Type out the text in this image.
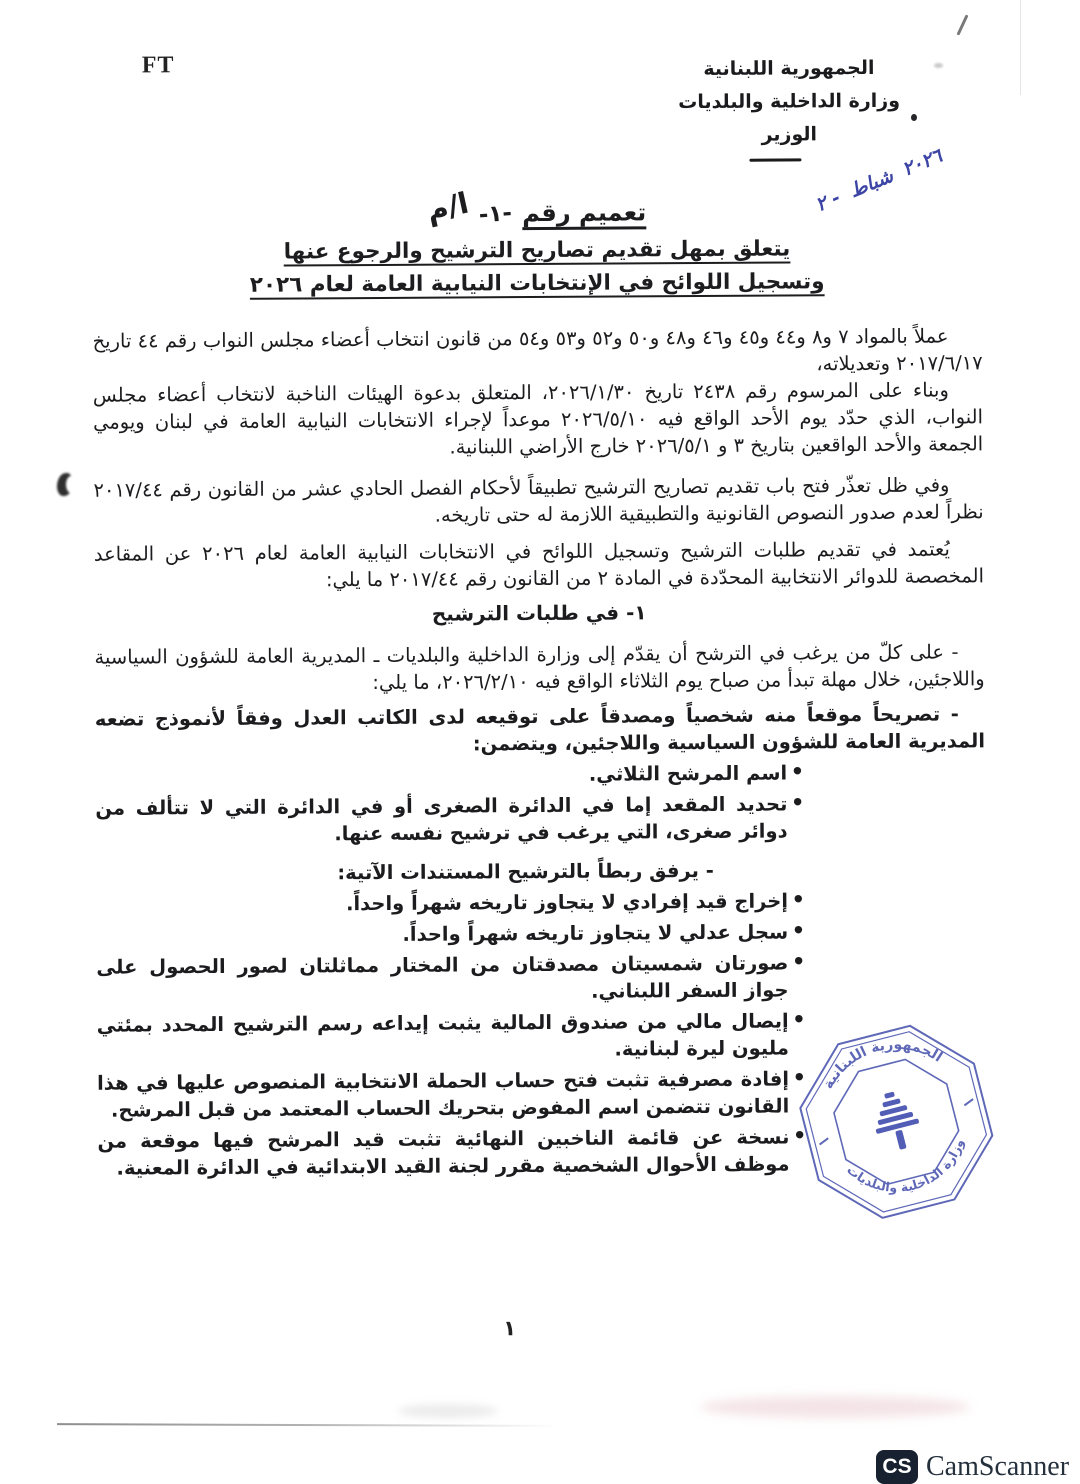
FT	الجمهورية اللبنانية
وزارة الداخلية والبلديات
الوزير
٢ - شباط
٢٠٢٦
تعميم رقم
-١-
ا/م
يتعلق بمهل تقديم تصاريح الترشيح والرجوع عنها
وتسجيل اللوائح في الإنتخابات النيابية العامة لعام ٢٠٢٦

عملاً بالمواد ٧ و٨ و٤٤ و٤٥ و٤٦ و٤٨ و٥٠ و٥٢ و٥٣ و٥٤ من قانون انتخاب أعضاء مجلس النواب رقم ٤٤ تاريخ ٢٠١٧/٦/١٧ وتعديلاته،

وبناء على المرسوم رقم ٢٤٣٨ تاريخ ٢٠٢٦/١/٣٠، المتعلق بدعوة الهيئات الناخبة لانتخاب أعضاء مجلس النواب، الذي حدّد يوم الأحد الواقع فيه ٢٠٢٦/٥/١٠ موعداً لإجراء الانتخابات النيابية العامة في لبنان ويومي الجمعة والأحد الواقعين بتاريخ ٣ و ٢٠٢٦/٥/١ خارج الأراضي اللبنانية.

وفي ظل تعذّر فتح باب تقديم تصاريح الترشيح تطبيقاً لأحكام الفصل الحادي عشر من القانون رقم ٢٠١٧/٤٤ نظراً لعدم صدور النصوص القانونية والتطبيقية اللازمة له حتى تاريخه.

يُعتمد في تقديم طلبات الترشيح وتسجيل اللوائح في الانتخابات النيابية العامة لعام ٢٠٢٦ عن المقاعد المخصصة للدوائر الانتخابية المحدّدة في المادة ٢ من القانون رقم ٢٠١٧/٤٤ ما يلي:

١- في طلبات الترشيح

- على كلّ من يرغب في الترشح أن يقدّم إلى وزارة الداخلية والبلديات ـ المديرية العامة للشؤون السياسية واللاجئين، خلال مهلة تبدأ من صباح يوم الثلاثاء الواقع فيه ٢٠٢٦/٢/١٠، ما يلي:

- تصريحاً موقعاً منه شخصياً ومصدقاً على توقيعه لدى الكاتب العدل وفقاً لأنموذج تضعه المديرية العامة للشؤون السياسية واللاجئين، ويتضمن:

• اسم المرشح الثلاثي.
• تحديد المقعد إما في الدائرة الصغرى أو في الدائرة التي لا تتألف من دوائر صغرى، التي يرغب في ترشيح نفسه عنها.

- يرفق ربطاً بالترشيح المستندات الآتية:

• إخراج قيد إفرادي لا يتجاوز تاريخه شهراً واحداً.
• سجل عدلي لا يتجاوز تاريخه شهراً واحداً.
• صورتان شمسيتان مصدقتان من المختار مماثلتان لصور الحصول على جواز السفر اللبناني.
• إيصال مالي من صندوق المالية يثبت إيداعه رسم الترشيح المحدد بمئتي مليون ليرة لبنانية.
• إفادة مصرفية تثبت فتح حساب الحملة الانتخابية المنصوص عليها في هذا القانون تتضمن اسم المفوض بتحريك الحساب المعتمد من قبل المرشح.
• نسخة عن قائمة الناخبين النهائية تثبت قيد المرشح فيها موقعة من موظف الأحوال الشخصية مقرر لجنة القيد الابتدائية في الدائرة المعنية.
١
الجمهورية اللبنانية
وزارة الداخلية والبلديات
CS CamScanner
